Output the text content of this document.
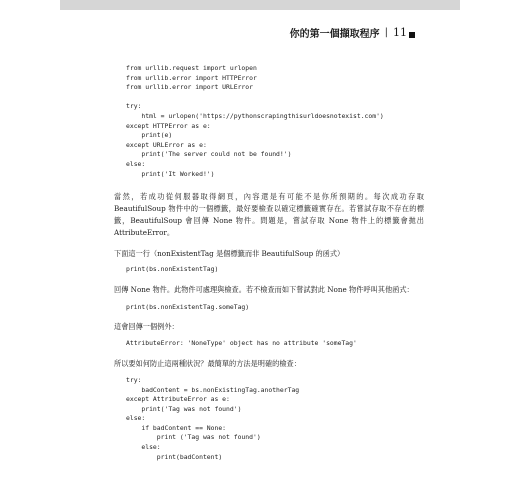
你的第一個擷取程序 | 11
from urllib.request import urlopen
from urllib.error import HTTPError
from urllib.error import URLError

try:
html = urlopen('https://pythonscrapingthisurldoesnotexist.com')
except HTTPError as e:
print(e)
except URLError as e:
print('The server could not be found!')
else:
print('It Worked!')

當然，若成功從伺服器取得網頁，內容還是有可能不是你所預期的。每次成功存取 BeautifulSoup 物件中的一個標籤，最好要檢查以確定標籤確實存在。若嘗試存取不存在的標籤，BeautifulSoup 會回傳 None 物件。問題是，嘗試存取 None 物件上的標籤會拋出 AttributeError。

下面這一行（nonExistentTag 是個標籤而非 BeautifulSoup 的函式）

print(bs.nonExistentTag)

回傳 None 物件。此物件可處理與檢查。若不檢查而如下嘗試對此 None 物件呼叫其他函式：

print(bs.nonExistentTag.someTag)

這會回傳一個例外：

AttributeError: 'NoneType' object has no attribute 'someTag'

所以要如何防止這兩種狀況？最簡單的方法是明確的檢查：

try:
badContent = bs.nonExistingTag.anotherTag
except AttributeError as e:
print('Tag was not found')
else:
if badContent == None:
print ('Tag was not found')
else:
print(badContent)
